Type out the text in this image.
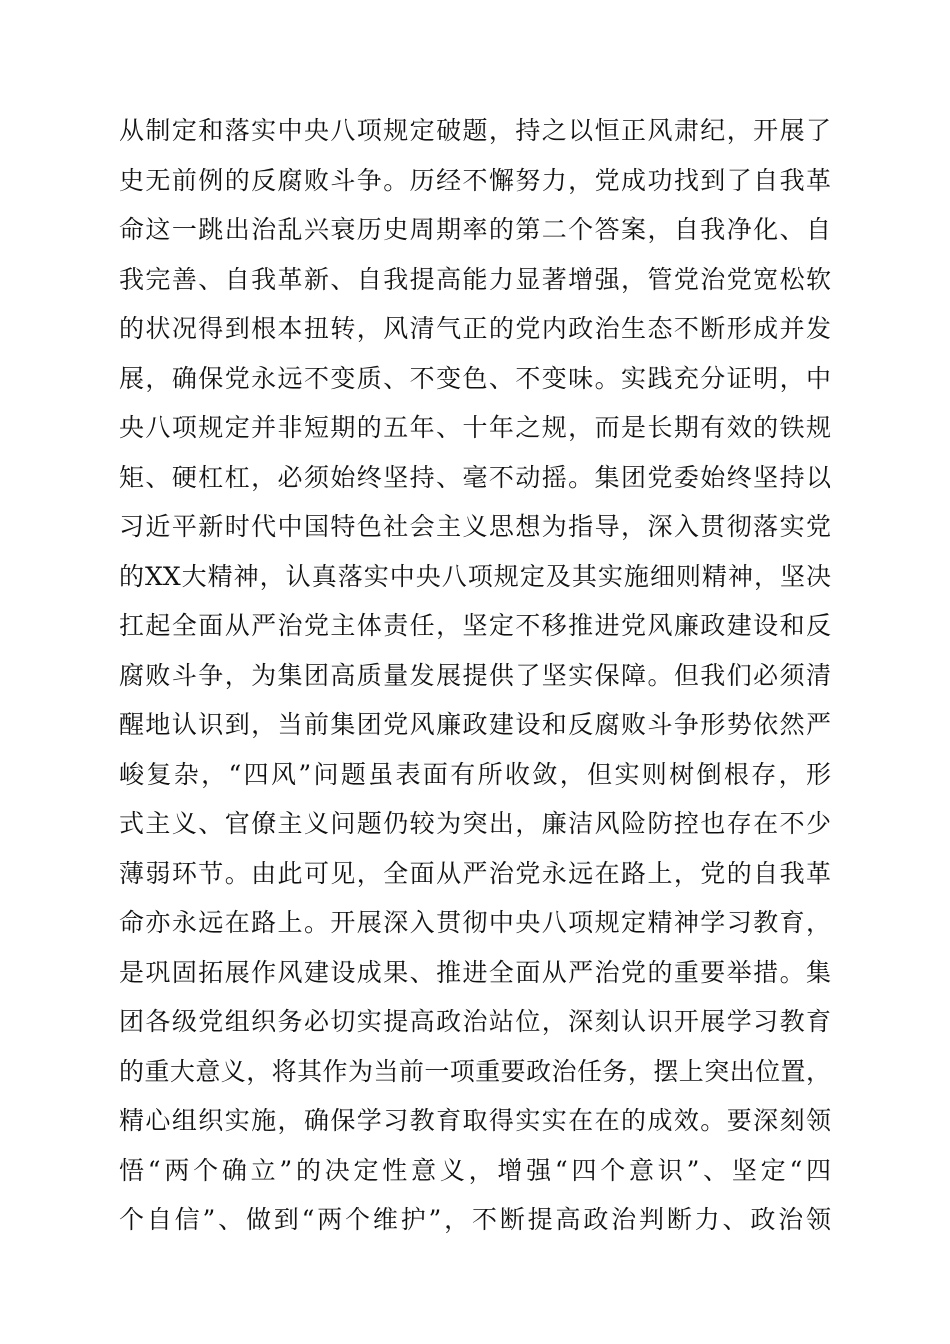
从制定和落实中央八项规定破题，持之以恒正风肃纪，开展了
史无前例的反腐败斗争。历经不懈努力，党成功找到了自我革
命这一跳出治乱兴衰历史周期率的第二个答案，自我净化、自
我完善、自我革新、自我提高能力显著增强，管党治党宽松软
的状况得到根本扭转，风清气正的党内政治生态不断形成并发
展，确保党永远不变质、不变色、不变味。实践充分证明，中
央八项规定并非短期的五年、十年之规，而是长期有效的铁规
矩、硬杠杠，必须始终坚持、毫不动摇。集团党委始终坚持以
习近平新时代中国特色社会主义思想为指导，深入贯彻落实党
的XX大精神，认真落实中央八项规定及其实施细则精神，坚决
扛起全面从严治党主体责任，坚定不移推进党风廉政建设和反
腐败斗争，为集团高质量发展提供了坚实保障。但我们必须清
醒地认识到，当前集团党风廉政建设和反腐败斗争形势依然严
峻复杂，“四风”问题虽表面有所收敛，但实则树倒根存，形
式主义、官僚主义问题仍较为突出，廉洁风险防控也存在不少
薄弱环节。由此可见，全面从严治党永远在路上，党的自我革
命亦永远在路上。开展深入贯彻中央八项规定精神学习教育，
是巩固拓展作风建设成果、推进全面从严治党的重要举措。集
团各级党组织务必切实提高政治站位，深刻认识开展学习教育
的重大意义，将其作为当前一项重要政治任务，摆上突出位置，
精心组织实施，确保学习教育取得实实在在的成效。要深刻领
悟“两个确立”的决定性意义，增强“四个意识”、坚定“四
个自信”、做到“两个维护”，不断提高政治判断力、政治领
